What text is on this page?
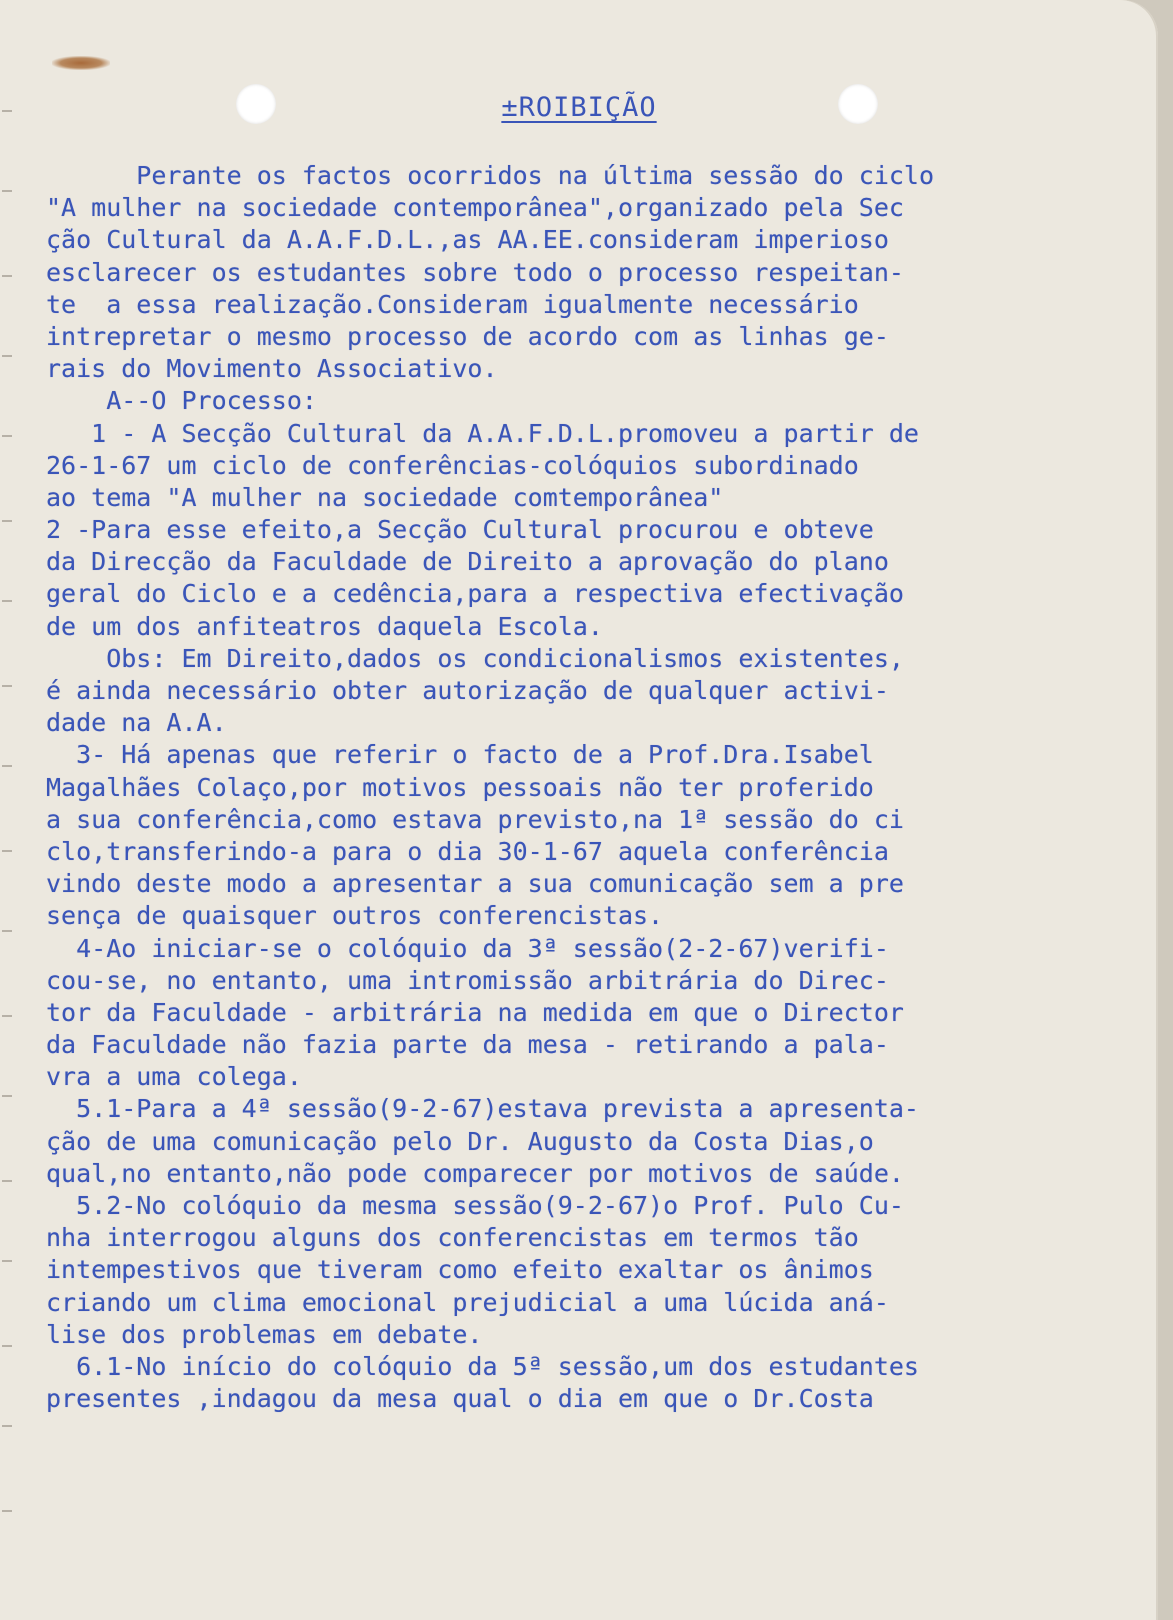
±ROIBIÇÃO
Perante os factos ocorridos na última sessão do ciclo
"A mulher na sociedade contemporânea",organizado pela Sec
ção Cultural da A.A.F.D.L.,as AA.EE.consideram imperioso
esclarecer os estudantes sobre todo o processo respeitan-
te  a essa realização.Consideram igualmente necessário
intrepretar o mesmo processo de acordo com as linhas ge-
rais do Movimento Associativo.
A--O Processo:
1 - A Secção Cultural da A.A.F.D.L.promoveu a partir de
26-1-67 um ciclo de conferências-colóquios subordinado
ao tema "A mulher na sociedade comtemporânea"
2 -Para esse efeito,a Secção Cultural procurou e obteve
da Direcção da Faculdade de Direito a aprovação do plano
geral do Ciclo e a cedência,para a respectiva efectivação
de um dos anfiteatros daquela Escola.
Obs: Em Direito,dados os condicionalismos existentes,
é ainda necessário obter autorização de qualquer activi-
dade na A.A.
3- Há apenas que referir o facto de a Prof.Dra.Isabel
Magalhães Colaço,por motivos pessoais não ter proferido
a sua conferência,como estava previsto,na 1ª sessão do ci
clo,transferindo-a para o dia 30-1-67 aquela conferência
vindo deste modo a apresentar a sua comunicação sem a pre
sença de quaisquer outros conferencistas.
4-Ao iniciar-se o colóquio da 3ª sessão(2-2-67)verifi-
cou-se, no entanto, uma intromissão arbitrária do Direc-
tor da Faculdade - arbitrária na medida em que o Director
da Faculdade não fazia parte da mesa - retirando a pala-
vra a uma colega.
5.1-Para a 4ª sessão(9-2-67)estava prevista a apresenta-
ção de uma comunicação pelo Dr. Augusto da Costa Dias,o
qual,no entanto,não pode comparecer por motivos de saúde.
5.2-No colóquio da mesma sessão(9-2-67)o Prof. Pulo Cu-
nha interrogou alguns dos conferencistas em termos tão
intempestivos que tiveram como efeito exaltar os ânimos
criando um clima emocional prejudicial a uma lúcida aná-
lise dos problemas em debate.
6.1-No início do colóquio da 5ª sessão,um dos estudantes
presentes ,indagou da mesa qual o dia em que o Dr.Costa
